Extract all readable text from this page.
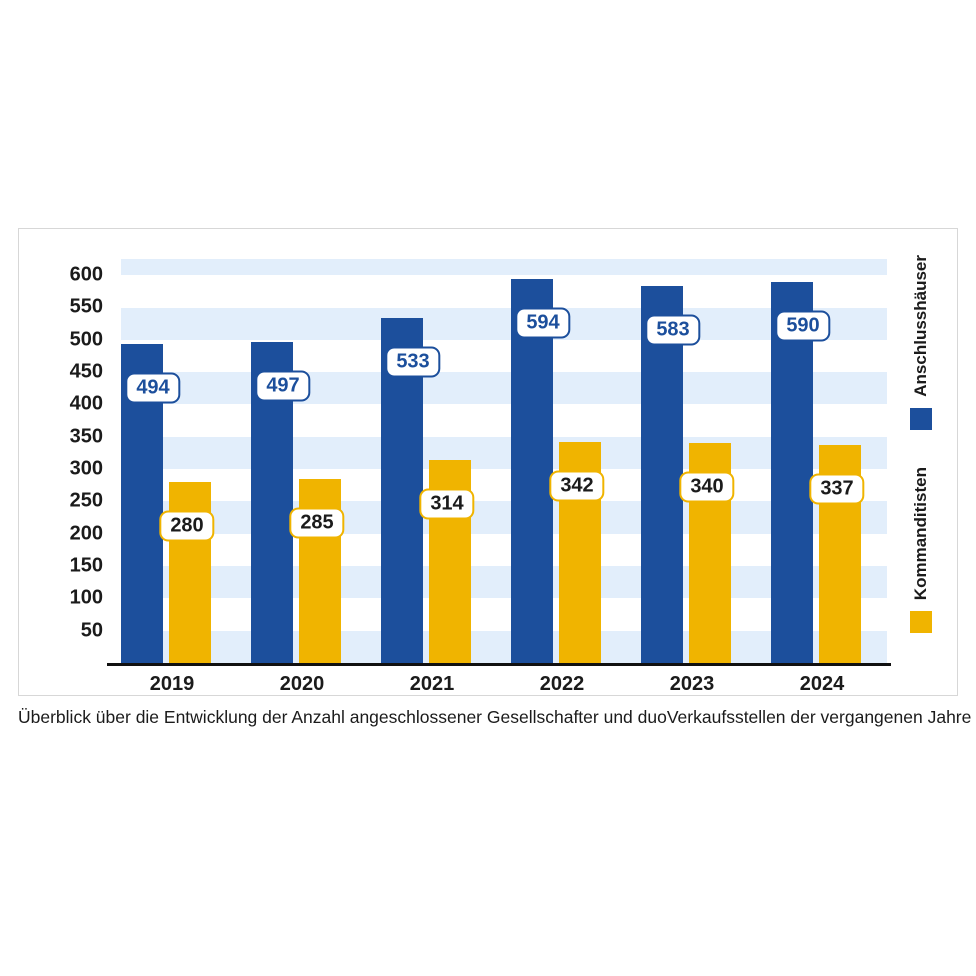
50
100
150
200
250
300
350
400
450
500
550
600
494
280
497
285
533
314
594
342
583
340
590
337
Anschlusshäuser
Kommanditisten
2019	2020	2021	2022	2023	2024
Überblick über die Entwicklung der Anzahl angeschlossener Gesellschafter und duoVerkaufsstellen der vergangenen Jahre
